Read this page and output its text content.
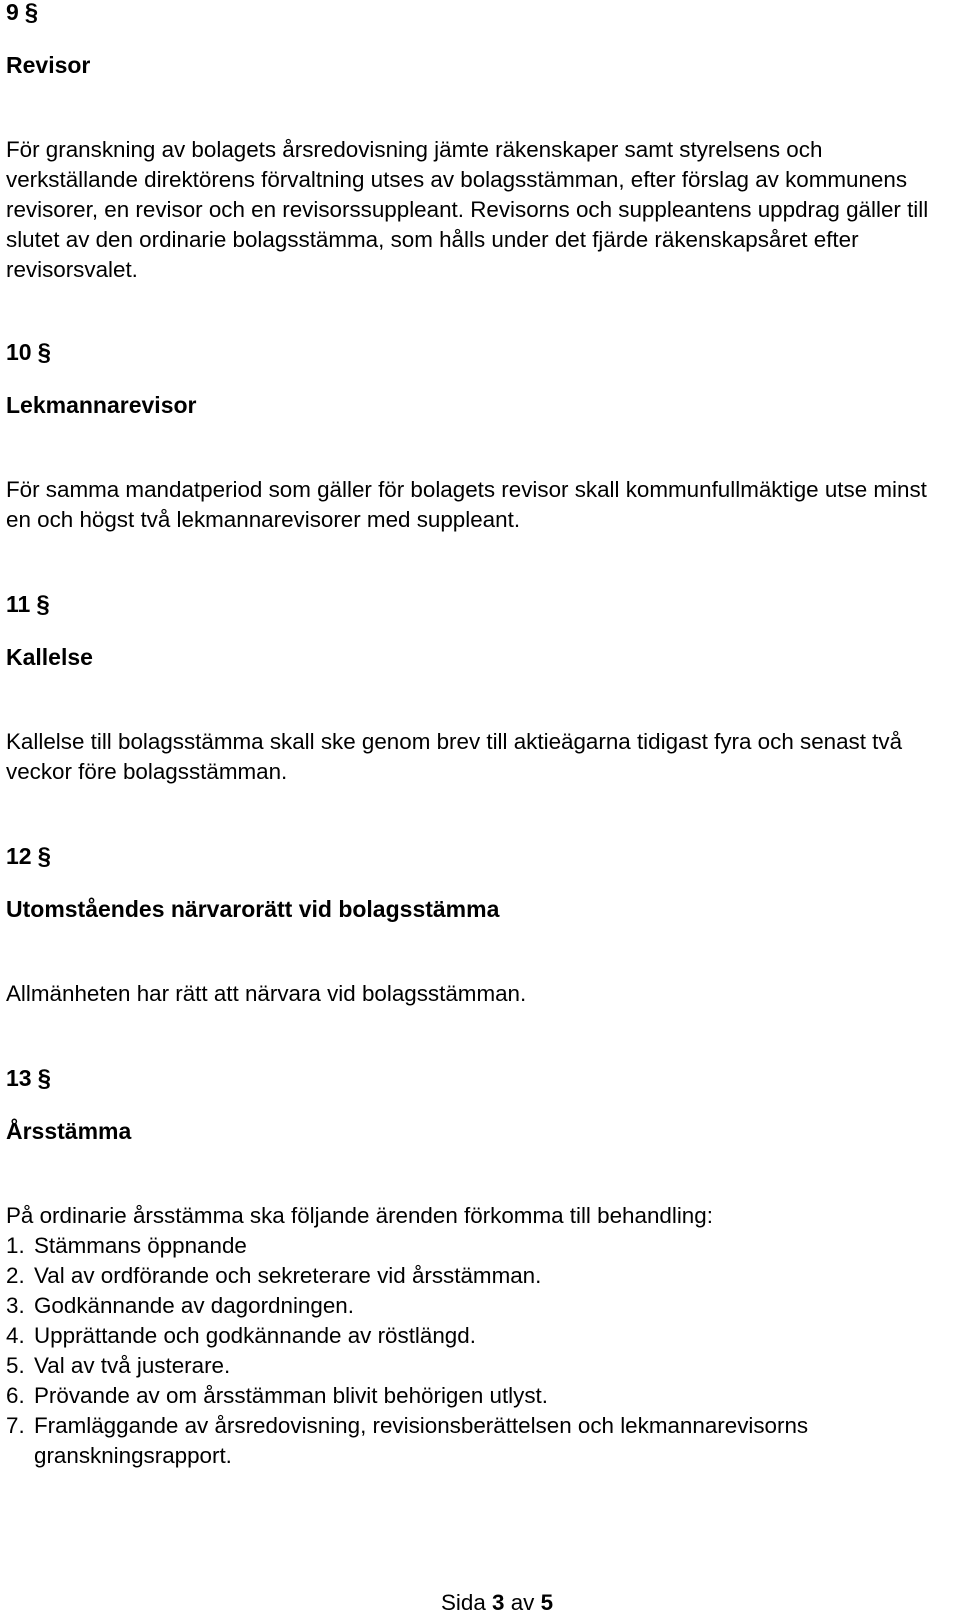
9 §
Revisor

För granskning av bolagets årsredovisning jämte räkenskaper samt styrelsens och verkställande direktörens förvaltning utses av bolagsstämman, efter förslag av kommunens revisorer, en revisor och en revisorssuppleant. Revisorns och suppleantens uppdrag gäller till slutet av den ordinarie bolagsstämma, som hålls under det fjärde räkenskapsåret efter revisorsvalet.

10 §
Lekmannarevisor

För samma mandatperiod som gäller för bolagets revisor skall kommunfullmäktige utse minst en och högst två lekmannarevisorer med suppleant.

11 §
Kallelse

Kallelse till bolagsstämma skall ske genom brev till aktieägarna tidigast fyra och senast två veckor före bolagsstämman.

12 §
Utomståendes närvarorätt vid bolagsstämma

Allmänheten har rätt att närvara vid bolagsstämman.

13 §
Årsstämma
På ordinarie årsstämma ska följande ärenden förkomma till behandling:
1. Stämmans öppnande
2. Val av ordförande och sekreterare vid årsstämman.
3. Godkännande av dagordningen.
4. Upprättande och godkännande av röstlängd.
5. Val av två justerare.
6. Prövande av om årsstämman blivit behörigen utlyst.
7. Framläggande av årsredovisning, revisionsberättelsen och lekmannarevisorns granskningsrapport.
Sida 3 av 5
